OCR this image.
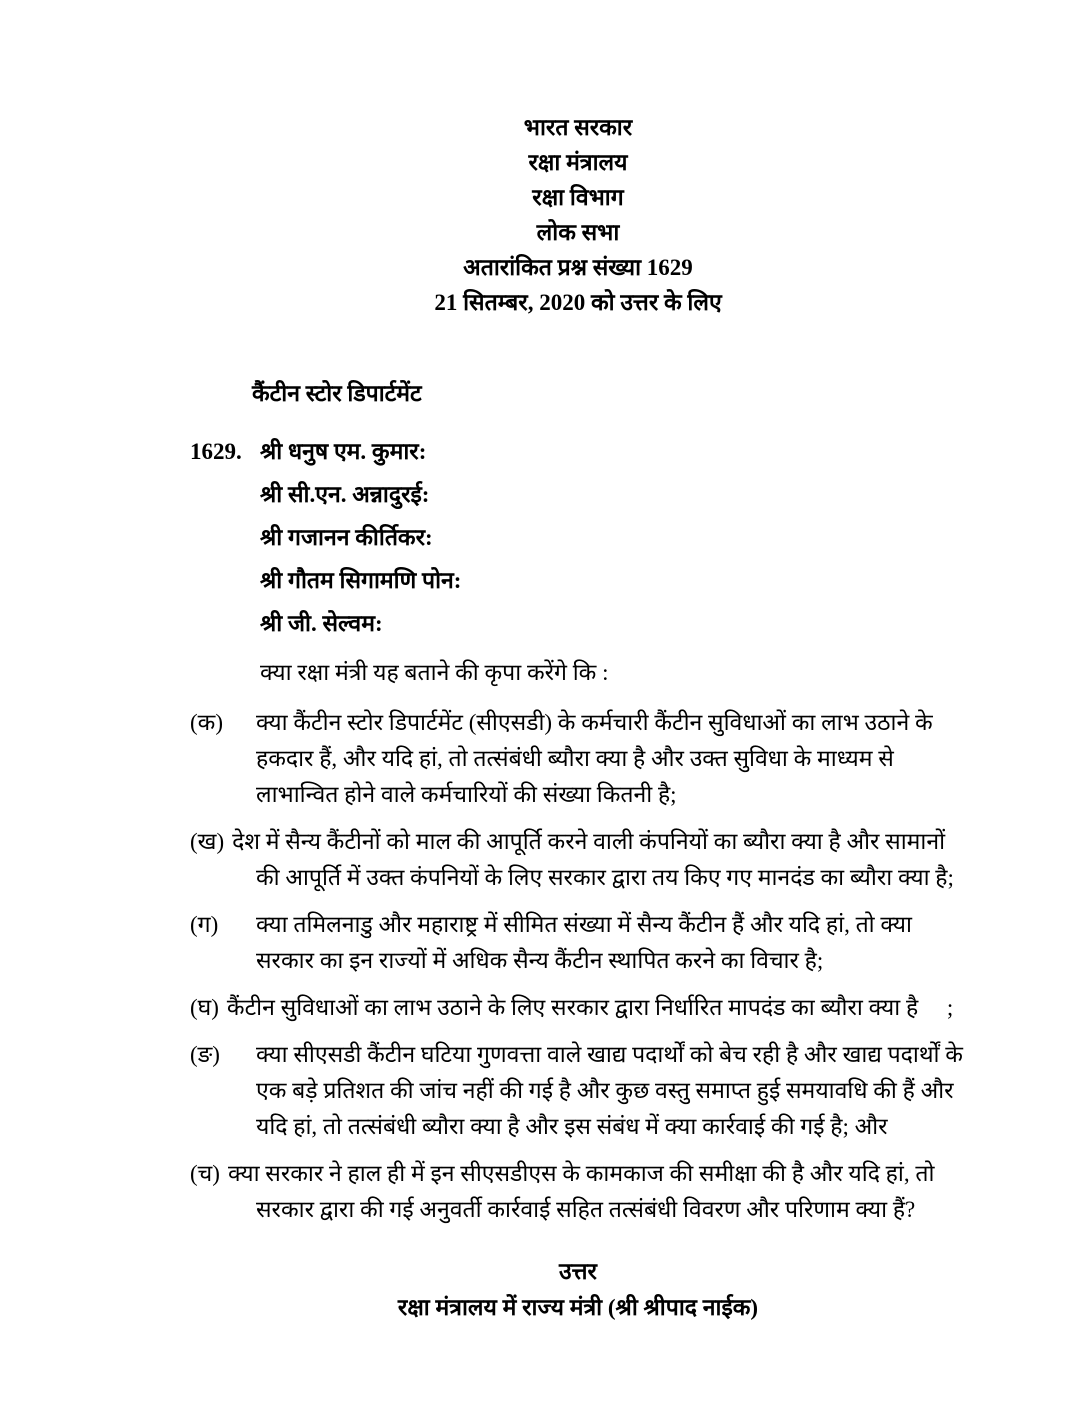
भारत सरकार
रक्षा मंत्रालय
रक्षा विभाग
लोक सभा
अतारांकित प्रश्न संख्या 1629
21 सितम्बर, 2020 को उत्तर के लिए
कैंटीन स्टोर डिपार्टमेंट
1629. श्री धनुष एम. कुमार:
श्री सी.एन. अन्नादुरई:
श्री गजानन कीर्तिकर:
श्री गौतम सिगामणि पोन:
श्री जी. सेल्वम:

क्या रक्षा मंत्री यह बताने की कृपा करेंगे कि :

(क) क्या कैंटीन स्टोर डिपार्टमेंट (सीएसडी) के कर्मचारी कैंटीन सुविधाओं का लाभ उठाने के हकदार हैं, और यदि हां, तो तत्संबंधी ब्यौरा क्या है और उक्त सुविधा के माध्यम से लाभान्वित होने वाले कर्मचारियों की संख्या कितनी है;
(ख) देश में सैन्य कैंटीनों को माल की आपूर्ति करने वाली कंपनियों का ब्यौरा क्या है और सामानों की आपूर्ति में उक्त कंपनियों के लिए सरकार द्वारा तय किए गए मानदंड का ब्यौरा क्या है;
(ग) क्या तमिलनाडु और महाराष्ट्र में सीमित संख्या में सैन्य कैंटीन हैं और यदि हां, तो क्या सरकार का इन राज्यों में अधिक सैन्य कैंटीन स्थापित करने का विचार है;
(घ) कैंटीन सुविधाओं का लाभ उठाने के लिए सरकार द्वारा निर्धारित मापदंड का ब्यौरा क्या है     ;
(ङ) क्या सीएसडी कैंटीन घटिया गुणवत्ता वाले खाद्य पदार्थों को बेच रही है और खाद्य पदार्थों के एक बड़े प्रतिशत की जांच नहीं की गई है और कुछ वस्तु समाप्त हुई समयावधि की हैं और यदि हां, तो तत्संबंधी ब्यौरा क्या है और इस संबंध में क्या कार्रवाई की गई है; और
(च) क्या सरकार ने हाल ही में इन सीएसडीएस के कामकाज की समीक्षा की है और यदि हां, तो सरकार द्वारा की गई अनुवर्ती कार्रवाई सहित तत्संबंधी विवरण और परिणाम क्या हैं?
उत्तर
रक्षा मंत्रालय में राज्य मंत्री (श्री श्रीपाद नाईक)
